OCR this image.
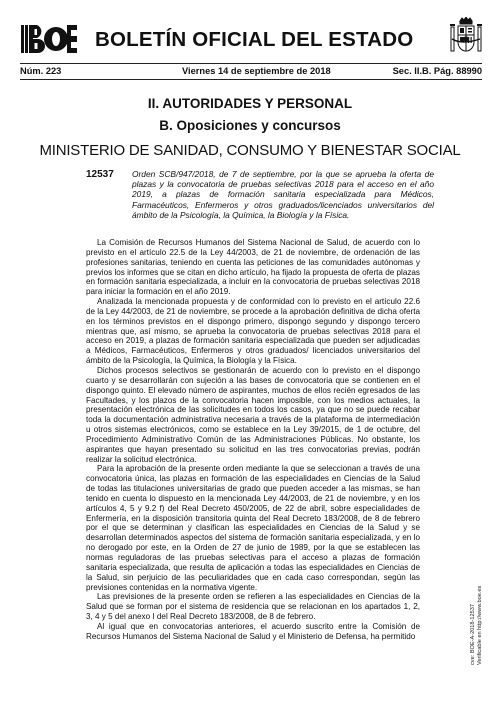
BOLETÍN OFICIAL DEL ESTADO
Núm. 223	Viernes 14 de septiembre de 2018	Sec. II.B. Pág. 88990
II. AUTORIDADES Y PERSONAL
B. Oposiciones y concursos
MINISTERIO DE SANIDAD, CONSUMO Y BIENESTAR SOCIAL
12537 Orden SCB/947/2018, de 7 de septiembre, por la que se aprueba la oferta de plazas y la convocatoria de pruebas selectivas 2018 para el acceso en el año 2019, a plazas de formación sanitaria especializada para Médicos, Farmacéuticos, Enfermeros y otros graduados/licenciados universitarios del ámbito de la Psicología, la Química, la Biología y la Física.

La Comisión de Recursos Humanos del Sistema Nacional de Salud, de acuerdo con lo previsto en el artículo 22.5 de la Ley 44/2003, de 21 de noviembre, de ordenación de las profesiones sanitarias, teniendo en cuenta las peticiones de las comunidades autónomas y previos los informes que se citan en dicho artículo, ha fijado la propuesta de oferta de plazas en formación sanitaria especializada, a incluir en la convocatoria de pruebas selectivas 2018 para iniciar la formación en el año 2019.

Analizada la mencionada propuesta y de conformidad con lo previsto en el artículo 22.6 de la Ley 44/2003, de 21 de noviembre, se procede a la aprobación definitiva de dicha oferta en los términos previstos en el dispongo primero, dispongo segundo y dispongo tercero mientras que, así mismo, se aprueba la convocatoria de pruebas selectivas 2018 para el acceso en 2019, a plazas de formación sanitaria especializada que pueden ser adjudicadas a Médicos, Farmacéuticos, Enfermeros y otros graduados/ licenciados universitarios del ámbito de la Psicología, la Química, la Biología y la Física.

Dichos procesos selectivos se gestionarán de acuerdo con lo previsto en el dispongo cuarto y se desarrollarán con sujeción a las bases de convocatoria que se contienen en el dispongo quinto. El elevado número de aspirantes, muchos de ellos recién egresados de las Facultades, y los plazos de la convocatoria hacen imposible, con los medios actuales, la presentación electrónica de las solicitudes en todos los casos, ya que no se puede recabar toda la documentación administrativa necesaria a través de la plataforma de intermediación u otros sistemas electrónicos, como se establece en la Ley 39/2015, de 1 de octubre, del Procedimiento Administrativo Común de las Administraciones Públicas. No obstante, los aspirantes que hayan presentado su solicitud en las tres convocatorias previas, podrán realizar la solicitud electrónica.

Para la aprobación de la presente orden mediante la que se seleccionan a través de una convocatoria única, las plazas en formación de las especialidades en Ciencias de la Salud de todas las titulaciones universitarias de grado que pueden acceder a las mismas, se han tenido en cuenta lo dispuesto en la mencionada Ley 44/2003, de 21 de noviembre, y en los artículos 4, 5 y 9.2 f) del Real Decreto 450/2005, de 22 de abril, sobre especialidades de Enfermería, en la disposición transitoria quinta del Real Decreto 183/2008, de 8 de febrero por el que se determinan y clasifican las especialidades en Ciencias de la Salud y se desarrollan determinados aspectos del sistema de formación sanitaria especializada, y en lo no derogado por este, en la Orden de 27 de junio de 1989, por la que se establecen las normas reguladoras de las pruebas selectivas para el acceso a plazas de formación sanitaria especializada, que resulta de aplicación a todas las especialidades en Ciencias de la Salud, sin perjuicio de las peculiaridades que en cada caso correspondan, según las previsiones contenidas en la normativa vigente.

Las previsiones de la presente orden se refieren a las especialidades en Ciencias de la Salud que se forman por el sistema de residencia que se relacionan en los apartados 1, 2, 3, 4 y 5 del anexo I del Real Decreto 183/2008, de 8 de febrero.

Al igual que en convocatorias anteriores, el acuerdo suscrito entre la Comisión de Recursos Humanos del Sistema Nacional de Salud y el Ministerio de Defensa, ha permitido	cve: BOE-A-2018-12537 Verificable en http://www.boe.es
